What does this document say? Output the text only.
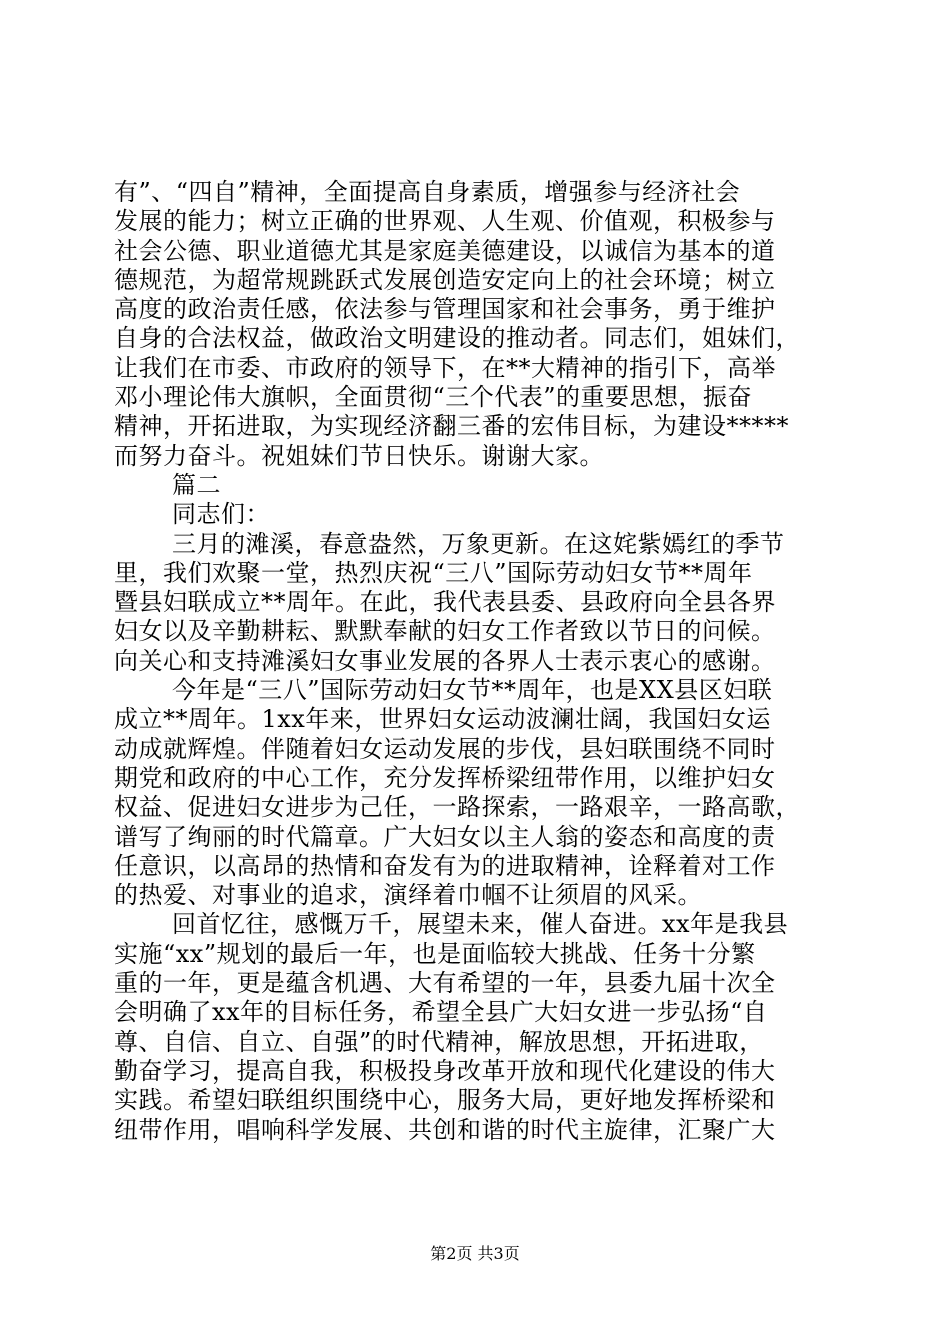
有”、“四自”精神，全面提高自身素质，增强参与经济社会
发展的能力；树立正确的世界观、人生观、价值观，积极参与
社会公德、职业道德尤其是家庭美德建设，以诚信为基本的道
德规范，为超常规跳跃式发展创造安定向上的社会环境；树立
高度的政治责任感，依法参与管理国家和社会事务，勇于维护
自身的合法权益，做政治文明建设的推动者。同志们，姐妹们，
让我们在市委、市政府的领导下，在**大精神的指引下，高举
邓小理论伟大旗帜，全面贯彻“三个代表”的重要思想，振奋
精神，开拓进取，为实现经济翻三番的宏伟目标，为建设*****
而努力奋斗。祝姐妹们节日快乐。谢谢大家。
篇二
同志们：
三月的滩溪，春意盎然，万象更新。在这姹紫嫣红的季节
里，我们欢聚一堂，热烈庆祝“三八”国际劳动妇女节**周年
暨县妇联成立**周年。在此，我代表县委、县政府向全县各界
妇女以及辛勤耕耘、默默奉献的妇女工作者致以节日的问候。
向关心和支持滩溪妇女事业发展的各界人士表示衷心的感谢。
今年是“三八”国际劳动妇女节**周年，也是XX县区妇联
成立**周年。1xx年来，世界妇女运动波澜壮阔，我国妇女运
动成就辉煌。伴随着妇女运动发展的步伐，县妇联围绕不同时
期党和政府的中心工作，充分发挥桥梁纽带作用，以维护妇女
权益、促进妇女进步为己任，一路探索，一路艰辛，一路高歌，
谱写了绚丽的时代篇章。广大妇女以主人翁的姿态和高度的责
任意识，以高昂的热情和奋发有为的进取精神，诠释着对工作
的热爱、对事业的追求，演绎着巾帼不让须眉的风采。
回首忆往，感慨万千，展望未来，催人奋进。xx年是我县
实施“xx”规划的最后一年，也是面临较大挑战、任务十分繁
重的一年，更是蕴含机遇、大有希望的一年，县委九届十次全
会明确了xx年的目标任务，希望全县广大妇女进一步弘扬“自
尊、自信、自立、自强”的时代精神，解放思想，开拓进取，
勤奋学习，提高自我，积极投身改革开放和现代化建设的伟大
实践。希望妇联组织围绕中心，服务大局，更好地发挥桥梁和
纽带作用，唱响科学发展、共创和谐的时代主旋律，汇聚广大
第2页 共3页
